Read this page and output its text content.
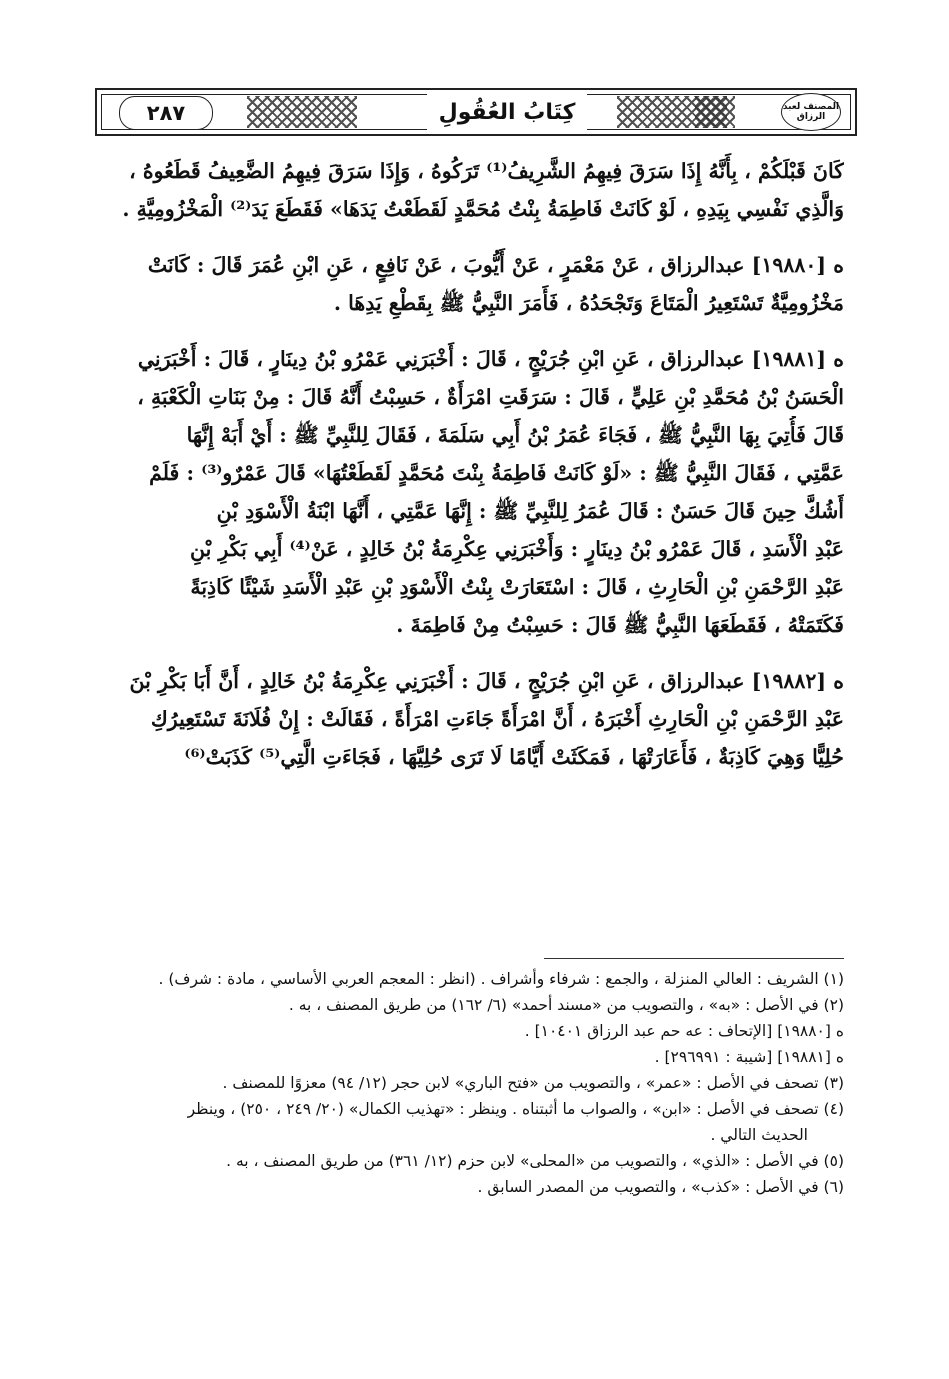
٢٨٧	كِتَابُ العُقُولِ	المصنف لعبد الرزاق
كَانَ قَبْلَكُمْ ، بِأَنَّهُ إِذَا سَرَقَ فِيهِمُ الشَّرِيفُ⁽¹⁾ تَرَكُوهُ ، وَإِذَا سَرَقَ فِيهِمُ الضَّعِيفُ قَطَعُوهُ ،
وَالَّذِي نَفْسِي بِيَدِهِ ، لَوْ كَانَتْ فَاطِمَةُ بِنْتُ مُحَمَّدٍ لَقَطَعْتُ يَدَهَا» فَقَطَعَ يَدَ⁽²⁾ الْمَخْزُومِيَّةِ .
ه [١٩٨٨٠] عبدالرزاق ، عَنْ مَعْمَرٍ ، عَنْ أَيُّوبَ ، عَنْ نَافِعٍ ، عَنِ ابْنِ عُمَرَ قَالَ : كَانَتْ
مَخْزُومِيَّةٌ تَسْتَعِيرُ الْمَتَاعَ وَتَجْحَدُهُ ، فَأَمَرَ النَّبِيُّ ﷺ بِقَطْعِ يَدِهَا .
ه [١٩٨٨١] عبدالرزاق ، عَنِ ابْنِ جُرَيْجٍ ، قَالَ : أَخْبَرَنِي عَمْرُو بْنُ دِينَارٍ ، قَالَ : أَخْبَرَنِي
الْحَسَنُ بْنُ مُحَمَّدِ بْنِ عَلِيٍّ ، قَالَ : سَرَقَتِ امْرَأَةٌ ، حَسِبْتُ أَنَّهُ قَالَ : مِنْ بَنَاتِ الْكَعْبَةِ ،
قَالَ فَأُتِيَ بِهَا النَّبِيُّ ﷺ ، فَجَاءَ عُمَرُ بْنُ أَبِي سَلَمَةَ ، فَقَالَ لِلنَّبِيِّ ﷺ : أَيْ أَبَهْ إِنَّهَا
عَمَّتِي ، فَقَالَ النَّبِيُّ ﷺ : «لَوْ كَانَتْ فَاطِمَةُ بِنْتَ مُحَمَّدٍ لَقَطَعْتُهَا» قَالَ عَمْرٌو⁽³⁾ : فَلَمْ
أَشُكَّ حِينَ قَالَ حَسَنٌ : قَالَ عُمَرُ لِلنَّبِيِّ ﷺ : إِنَّهَا عَمَّتِي ، أَنَّهَا ابْنَةُ الْأَسْوَدِ بْنِ
عَبْدِ الْأَسَدِ ، قَالَ عَمْرُو بْنُ دِينَارٍ : وَأَخْبَرَنِي عِكْرِمَةُ بْنُ خَالِدٍ ، عَنْ⁽⁴⁾ أَبِي بَكْرِ بْنِ
عَبْدِ الرَّحْمَنِ بْنِ الْحَارِثِ ، قَالَ : اسْتَعَارَتْ بِنْتُ الْأَسْوَدِ بْنِ عَبْدِ الْأَسَدِ شَيْئًا كَاذِبَةً
فَكَتَمَتْهُ ، فَقَطَعَهَا النَّبِيُّ ﷺ قَالَ : حَسِبْتُ مِنْ فَاطِمَةَ .
ه [١٩٨٨٢] عبدالرزاق ، عَنِ ابْنِ جُرَيْجٍ ، قَالَ : أَخْبَرَنِي عِكْرِمَةُ بْنُ خَالِدٍ ، أَنَّ أَبَا بَكْرِ بْنَ
عَبْدِ الرَّحْمَنِ بْنِ الْحَارِثِ أَخْبَرَهُ ، أَنَّ امْرَأَةً جَاءَتِ امْرَأَةً ، فَقَالَتْ : إِنْ فُلَانَةَ تَسْتَعِيرُكِ
حُلِيًّا وَهِيَ كَاذِبَةٌ ، فَأَعَارَتْهَا ، فَمَكَثَتْ أَيَّامًا لَا تَرَى حُلِيَّهَا ، فَجَاءَتِ الَّتِي⁽⁵⁾ كَذَبَتْ⁽⁶⁾
(١) الشريف : العالي المنزلة ، والجمع : شرفاء وأشراف . (انظر : المعجم العربي الأساسي ، مادة : شرف) .
(٢) في الأصل : «به» ، والتصويب من «مسند أحمد» (٦/ ١٦٢) من طريق المصنف ، به .
ه [١٩٨٨٠] [الإتحاف : عه حم عبد الرزاق ١٠٤٠١] .
ه [١٩٨٨١] [شيبة : ٢٩٦٩٩١] .
(٣) تصحف في الأصل : «عمر» ، والتصويب من «فتح الباري» لابن حجر (١٢/ ٩٤) معزوًا للمصنف .
(٤) تصحف في الأصل : «ابن» ، والصواب ما أثبتناه . وينظر : «تهذيب الكمال» (٢٠/ ٢٤٩ ، ٢٥٠) ، وينظر
الحديث التالي .
(٥) في الأصل : «الذي» ، والتصويب من «المحلى» لابن حزم (١٢/ ٣٦١) من طريق المصنف ، به .
(٦) في الأصل : «كذب» ، والتصويب من المصدر السابق .
